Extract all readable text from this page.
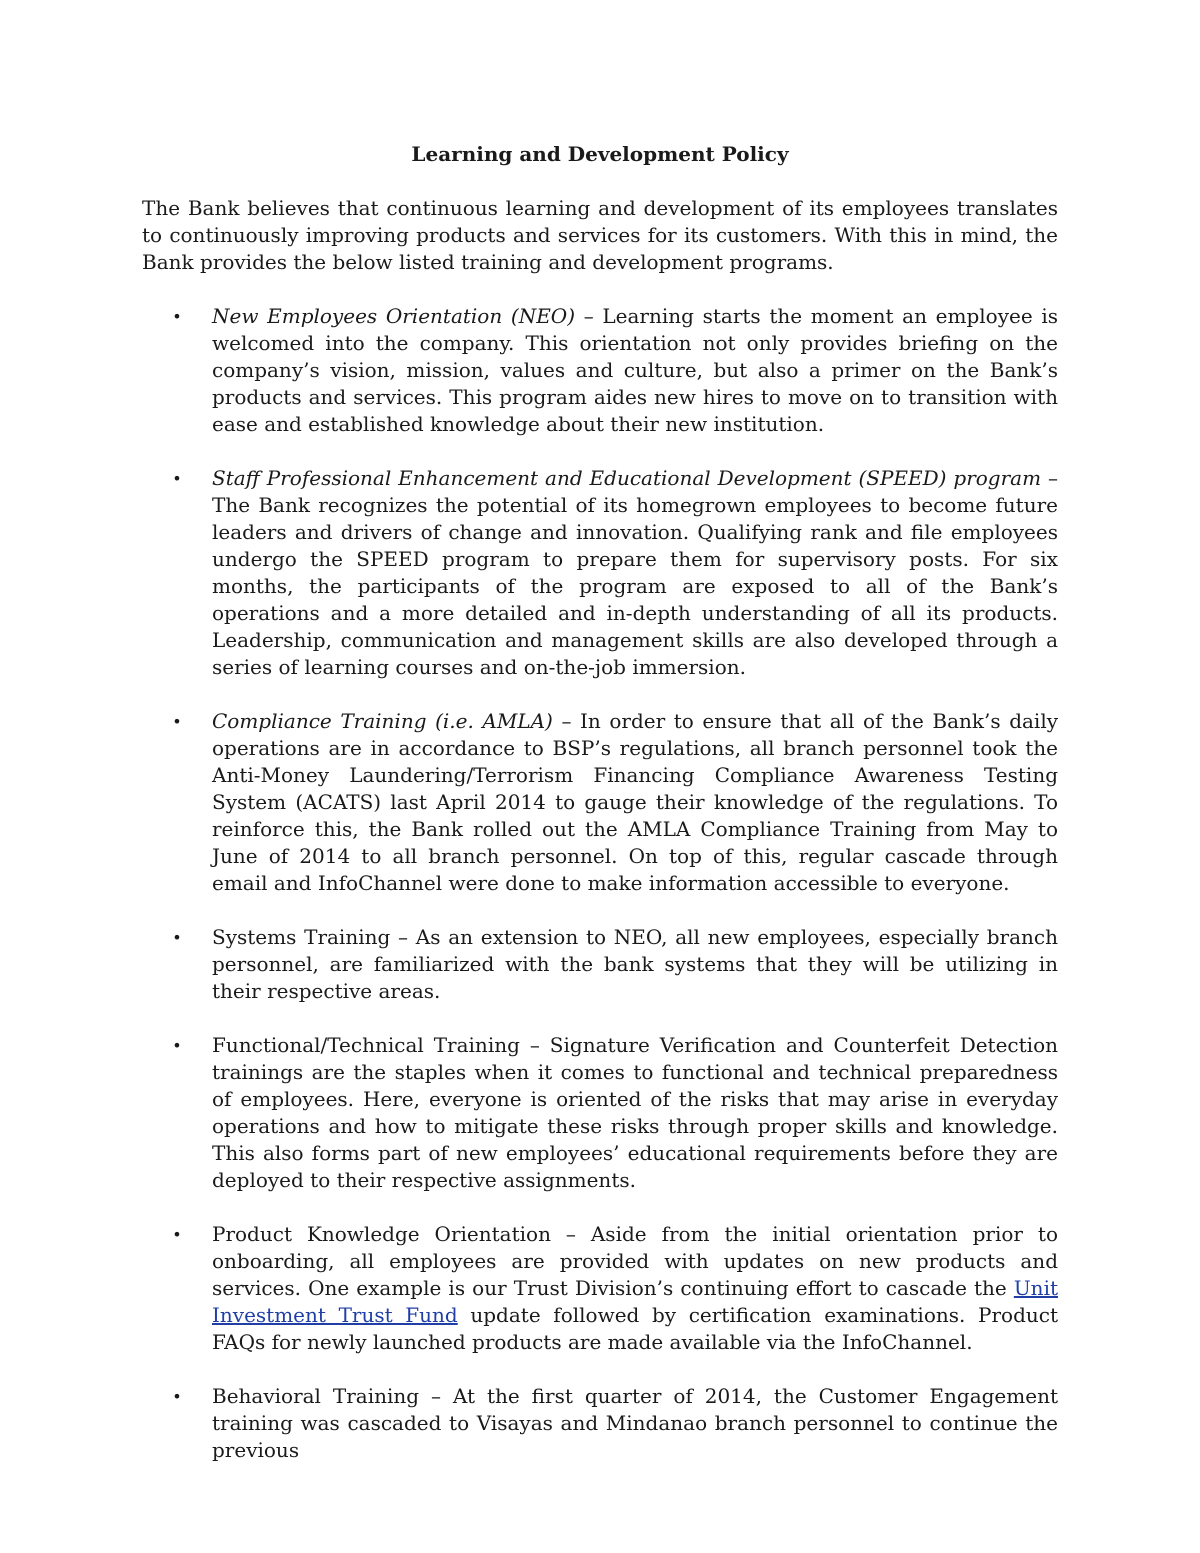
Learning and Development Policy

The Bank believes that continuous learning and development of its employees translates to continuously improving products and services for its customers. With this in mind, the Bank provides the below listed training and development programs.

• New Employees Orientation (NEO) – Learning starts the moment an employee is welcomed into the company. This orientation not only provides briefing on the company’s vision, mission, values and culture, but also a primer on the Bank’s products and services. This program aides new hires to move on to transition with ease and established knowledge about their new institution.
• Staff Professional Enhancement and Educational Development (SPEED) program – The Bank recognizes the potential of its homegrown employees to become future leaders and drivers of change and innovation. Qualifying rank and file employees undergo the SPEED program to prepare them for supervisory posts. For six months, the participants of the program are exposed to all of the Bank’s operations and a more detailed and in-depth understanding of all its products. Leadership, communication and management skills are also developed through a series of learning courses and on-the-job immersion.
• Compliance Training (i.e. AMLA) – In order to ensure that all of the Bank’s daily operations are in accordance to BSP’s regulations, all branch personnel took the Anti-Money Laundering/Terrorism Financing Compliance Awareness Testing System (ACATS) last April 2014 to gauge their knowledge of the regulations. To reinforce this, the Bank rolled out the AMLA Compliance Training from May to June of 2014 to all branch personnel. On top of this, regular cascade through email and InfoChannel were done to make information accessible to everyone.
• Systems Training – As an extension to NEO, all new employees, especially branch personnel, are familiarized with the bank systems that they will be utilizing in their respective areas.
• Functional/Technical Training – Signature Verification and Counterfeit Detection trainings are the staples when it comes to functional and technical preparedness of employees. Here, everyone is oriented of the risks that may arise in everyday operations and how to mitigate these risks through proper skills and knowledge. This also forms part of new employees’ educational requirements before they are deployed to their respective assignments.
• Product Knowledge Orientation – Aside from the initial orientation prior to onboarding, all employees are provided with updates on new products and services. One example is our Trust Division’s continuing effort to cascade the Unit Investment Trust Fund update followed by certification examinations. Product FAQs for newly launched products are made available via the InfoChannel.
• Behavioral Training – At the first quarter of 2014, the Customer Engagement training was cascaded to Visayas and Mindanao branch personnel to continue the previous
